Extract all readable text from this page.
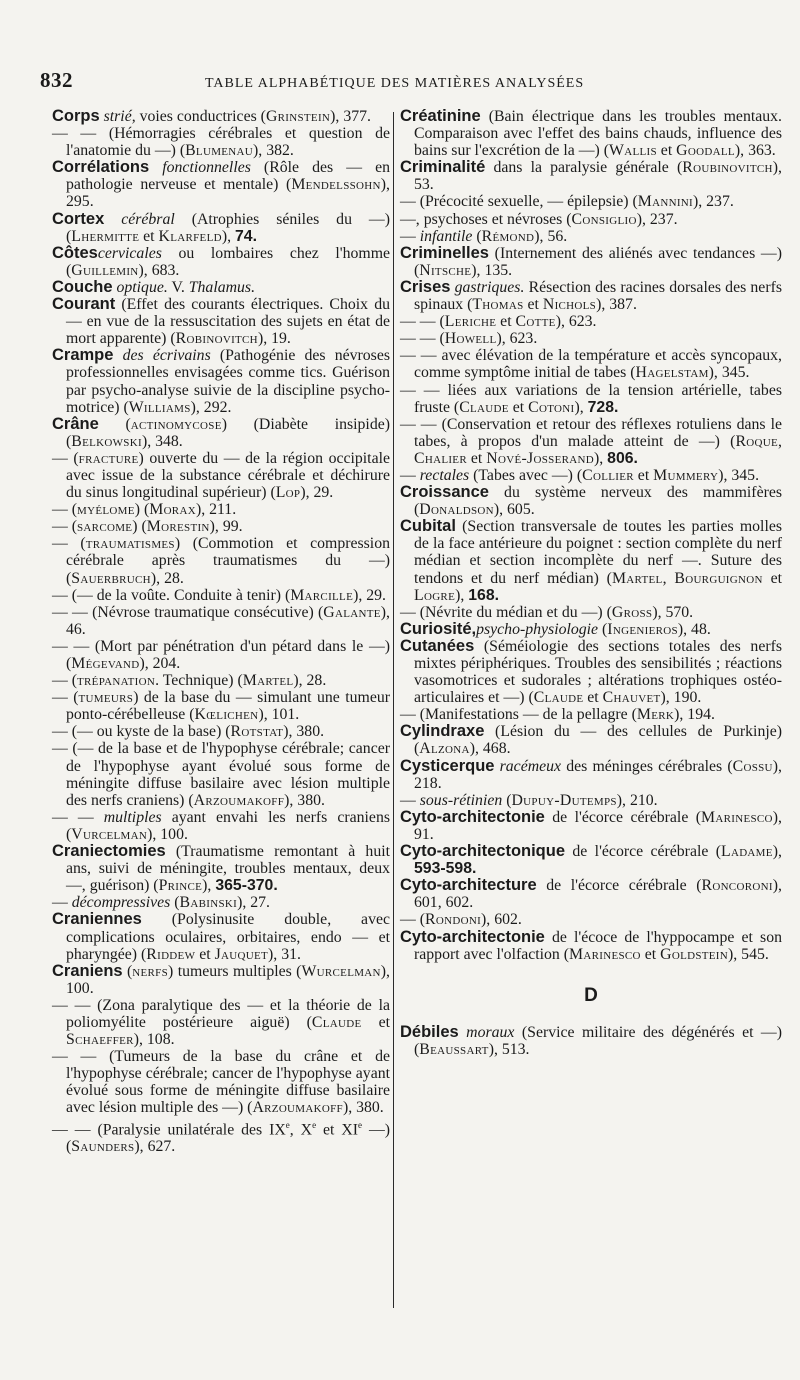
832	TABLE ALPHABÉTIQUE DES MATIÈRES ANALYSÉES
Corps strié, voies conductrices (Grinstein), 377.
— — (Hémorragies cérébrales et question de l'anatomie du —) (Blumenau), 382.
Corrélations fonctionnelles (Rôle des — en pathologie nerveuse et mentale) (Mendelssohn), 295.
Cortex cérébral (Atrophies séniles du —) (Lhermitte et Klarfeld), 74.
Côtescervicales ou lombaires chez l'homme (Guillemin), 683.
Couche optique. V. Thalamus.
Courant (Effet des courants électriques. Choix du — en vue de la ressuscitation des sujets en état de mort apparente) (Robinovitch), 19.
Crampe des écrivains (Pathogénie des névroses professionnelles envisagées comme tics. Guérison par psycho-analyse suivie de la discipline psycho-motrice) (Williams), 292.
Crâne (actinomycose) (Diabète insipide) (Belkowski), 348.
— (fracture) ouverte du — de la région occipitale avec issue de la substance cérébrale et déchirure du sinus longitudinal supérieur) (Lop), 29.
— (myélome) (Morax), 211.
— (sarcome) (Morestin), 99.
— (traumatismes) (Commotion et compression cérébrale après traumatismes du —) (Sauerbruch), 28.
— (— de la voûte. Conduite à tenir) (Marcille), 29.
— — (Névrose traumatique consécutive) (Galante), 46.
— — (Mort par pénétration d'un pétard dans le —) (Mégevand), 204.
— (trépanation. Technique) (Martel), 28.
— (tumeurs) de la base du — simulant une tumeur ponto-cérébelleuse (Kœlichen), 101.
— (— ou kyste de la base) (Rotstat), 380.
— (— de la base et de l'hypophyse cérébrale; cancer de l'hypophyse ayant évolué sous forme de méningite diffuse basilaire avec lésion multiple des nerfs craniens) (Arzoumakoff), 380.
— — multiples ayant envahi les nerfs craniens (Vurcelman), 100.
Craniectomies (Traumatisme remontant à huit ans, suivi de méningite, troubles mentaux, deux —, guérison) (Prince), 365-370.
— décompressives (Babinski), 27.
Craniennes (Polysinusite double, avec complications oculaires, orbitaires, endo — et pharyngée) (Riddew et Jauquet), 31.
Craniens (nerfs) tumeurs multiples (Wurcelman), 100.
— — (Zona paralytique des — et la théorie de la poliomyélite postérieure aiguë) (Claude et Schaeffer), 108.
— — (Tumeurs de la base du crâne et de l'hypophyse cérébrale; cancer de l'hypophyse ayant évolué sous forme de méningite diffuse basilaire avec lésion multiple des —) (Arzoumakoff), 380.
— — (Paralysie unilatérale des IXe, Xe et XIe —) (Saunders), 627.
Créatinine (Bain électrique dans les troubles mentaux. Comparaison avec l'effet des bains chauds, influence des bains sur l'excrétion de la —) (Wallis et Goodall), 363.
Criminalité dans la paralysie générale (Roubinovitch), 53.
— (Précocité sexuelle, — épilepsie) (Mannini), 237.
—, psychoses et névroses (Consiglio), 237.
— infantile (Rémond), 56.
Criminelles (Internement des aliénés avec tendances —) (Nitsche), 135.
Crises gastriques. Résection des racines dorsales des nerfs spinaux (Thomas et Nichols), 387.
— — (Leriche et Cotte), 623.
— — (Howell), 623.
— — avec élévation de la température et accès syncopaux, comme symptôme initial de tabes (Hagelstam), 345.
— — liées aux variations de la tension artérielle, tabes fruste (Claude et Cotoni), 728.
— — (Conservation et retour des réflexes rotuliens dans le tabes, à propos d'un malade atteint de —) (Roque, Chalier et Nové-Josserand), 806.
— rectales (Tabes avec —) (Collier et Mummery), 345.
Croissance du système nerveux des mammifères (Donaldson), 605.
Cubital (Section transversale de toutes les parties molles de la face antérieure du poignet : section complète du nerf médian et section incomplète du nerf —. Suture des tendons et du nerf médian) (Martel, Bourguignon et Logre), 168.
— (Névrite du médian et du —) (Gross), 570.
Curiosité,psycho-physiologie (Ingenieros), 48.
Cutanées (Séméiologie des sections totales des nerfs mixtes périphériques. Troubles des sensibilités ; réactions vasomotrices et sudorales ; altérations trophiques ostéo-articulaires et —) (Claude et Chauvet), 190.
— (Manifestations — de la pellagre (Merk), 194.
Cylindraxe (Lésion du — des cellules de Purkinje) (Alzona), 468.
Cysticerque racémeux des méninges cérébrales (Cossu), 218.
— sous-rétinien (Dupuy-Dutemps), 210.
Cyto-architectonie de l'écorce cérébrale (Marinesco), 91.
Cyto-architectonique de l'écorce cérébrale (Ladame), 593-598.
Cyto-architecture de l'écorce cérébrale (Roncoroni), 601, 602.
— (Rondoni), 602.
Cyto-architectonie de l'écoce de l'hyppocampe et son rapport avec l'olfaction (Marinesco et Goldstein), 545.
D
Débiles moraux (Service militaire des dégénérés et —) (Beaussart), 513.
